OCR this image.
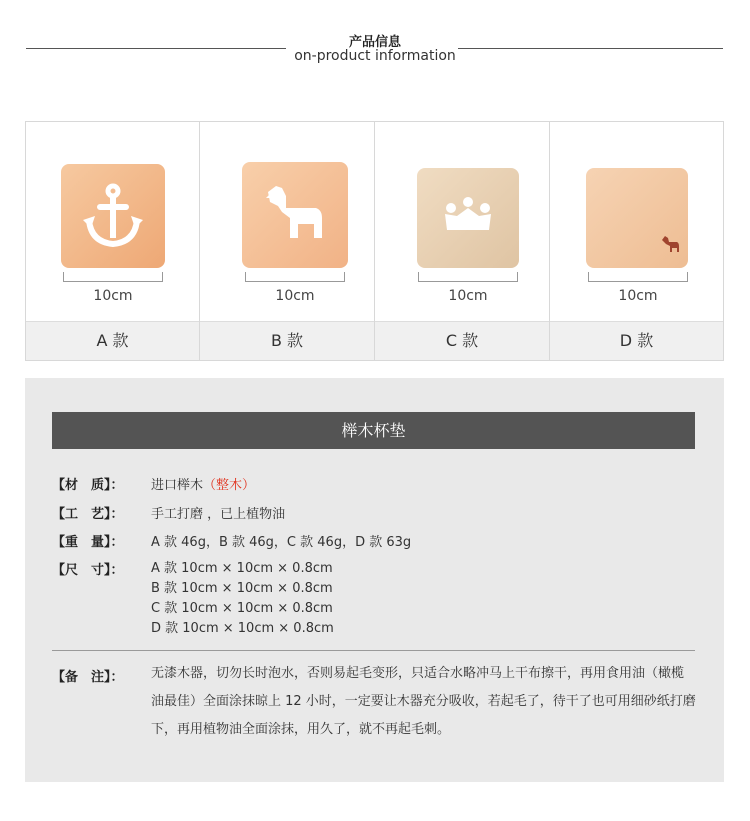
产品信息
on-product information
10cm
A 款
10cm
B 款
10cm
C 款
10cm
D 款
榉木杯垫
【材　质】：	进口榉木（整木）
【工　艺】：	手工打磨 ，已上植物油
【重　量】：	A 款 46g，B 款 46g，C 款 46g，D 款 63g
【尺　寸】：	A 款 10cm × 10cm × 0.8cm
B 款 10cm × 10cm × 0.8cm
C 款 10cm × 10cm × 0.8cm
D 款 10cm × 10cm × 0.8cm
【备　注】： 无漆木器，切勿长时泡水，否则易起毛变形，只适合水略冲马上干布擦干，再用食用油（橄榄油最佳）全面涂抹晾上 12 小时，一定要让木器充分吸收，若起毛了，待干了也可用细砂纸打磨下，再用植物油全面涂抹，用久了，就不再起毛刺。
